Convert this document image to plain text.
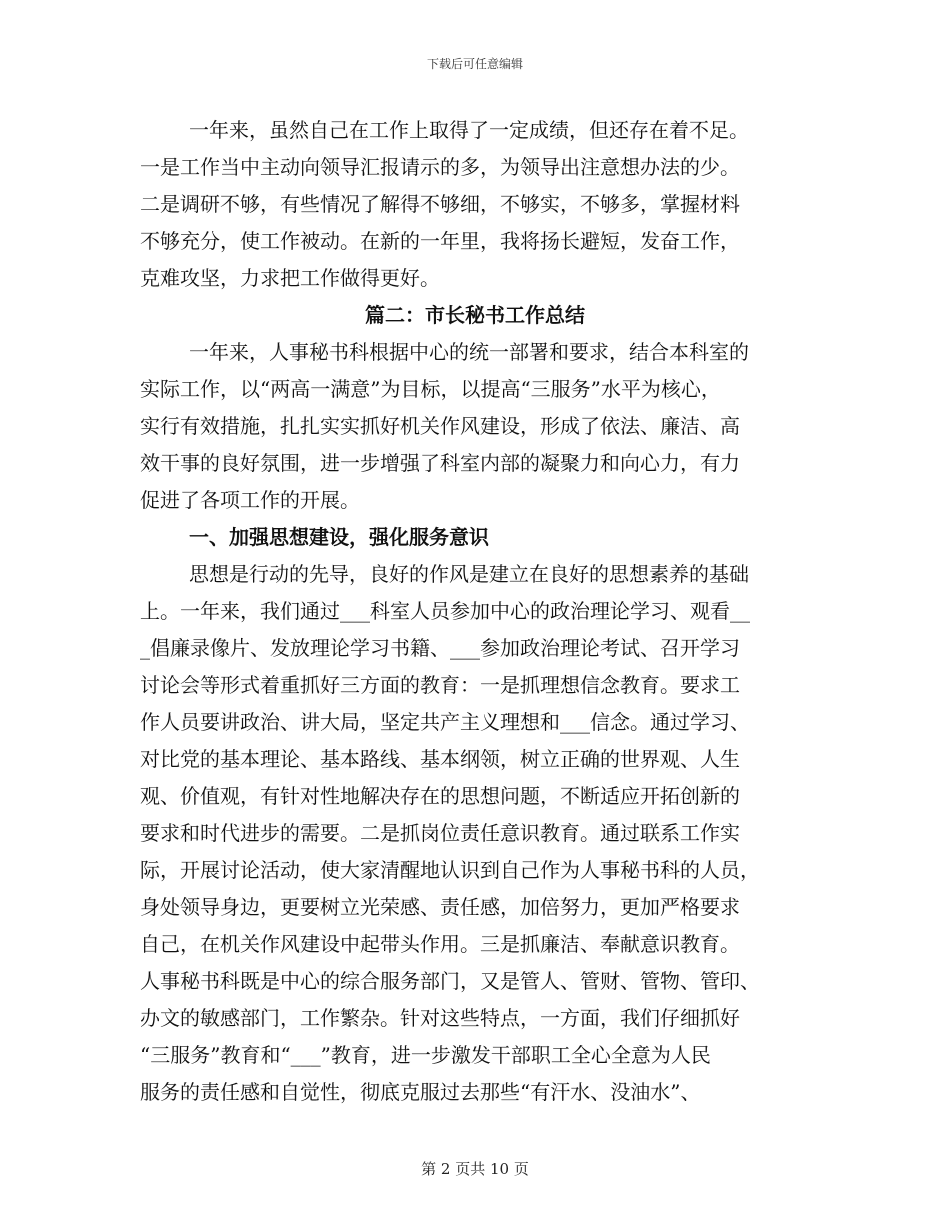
下载后可任意编辑
一年来，虽然自己在工作上取得了一定成绩，但还存在着不足。
一是工作当中主动向领导汇报请示的多，为领导出注意想办法的少。
二是调研不够，有些情况了解得不够细，不够实，不够多，掌握材料
不够充分，使工作被动。在新的一年里，我将扬长避短，发奋工作，
克难攻坚，力求把工作做得更好。
篇二：市长秘书工作总结
一年来，人事秘书科根据中心的统一部署和要求，结合本科室的
实际工作，以“两高一满意”为目标，以提高“三服务”水平为核心，
实行有效措施，扎扎实实抓好机关作风建设，形成了依法、廉洁、高
效干事的良好氛围，进一步增强了科室内部的凝聚力和向心力，有力
促进了各项工作的开展。
一、加强思想建设，强化服务意识
思想是行动的先导，良好的作风是建立在良好的思想素养的基础
上。一年来，我们通过___科室人员参加中心的政治理论学习、观看__
_倡廉录像片、发放理论学习书籍、___参加政治理论考试、召开学习
讨论会等形式着重抓好三方面的教育：一是抓理想信念教育。要求工
作人员要讲政治、讲大局，坚定共产主义理想和___信念。通过学习、
对比党的基本理论、基本路线、基本纲领，树立正确的世界观、人生
观、价值观，有针对性地解决存在的思想问题，不断适应开拓创新的
要求和时代进步的需要。二是抓岗位责任意识教育。通过联系工作实
际，开展讨论活动，使大家清醒地认识到自己作为人事秘书科的人员，
身处领导身边，更要树立光荣感、责任感，加倍努力，更加严格要求
自己，在机关作风建设中起带头作用。三是抓廉洁、奉献意识教育。
人事秘书科既是中心的综合服务部门，又是管人、管财、管物、管印、
办文的敏感部门，工作繁杂。针对这些特点，一方面，我们仔细抓好
“三服务”教育和“___”教育，进一步激发干部职工全心全意为人民
服务的责任感和自觉性，彻底克服过去那些“有汗水、没油水”、
第 2 页共 10 页
